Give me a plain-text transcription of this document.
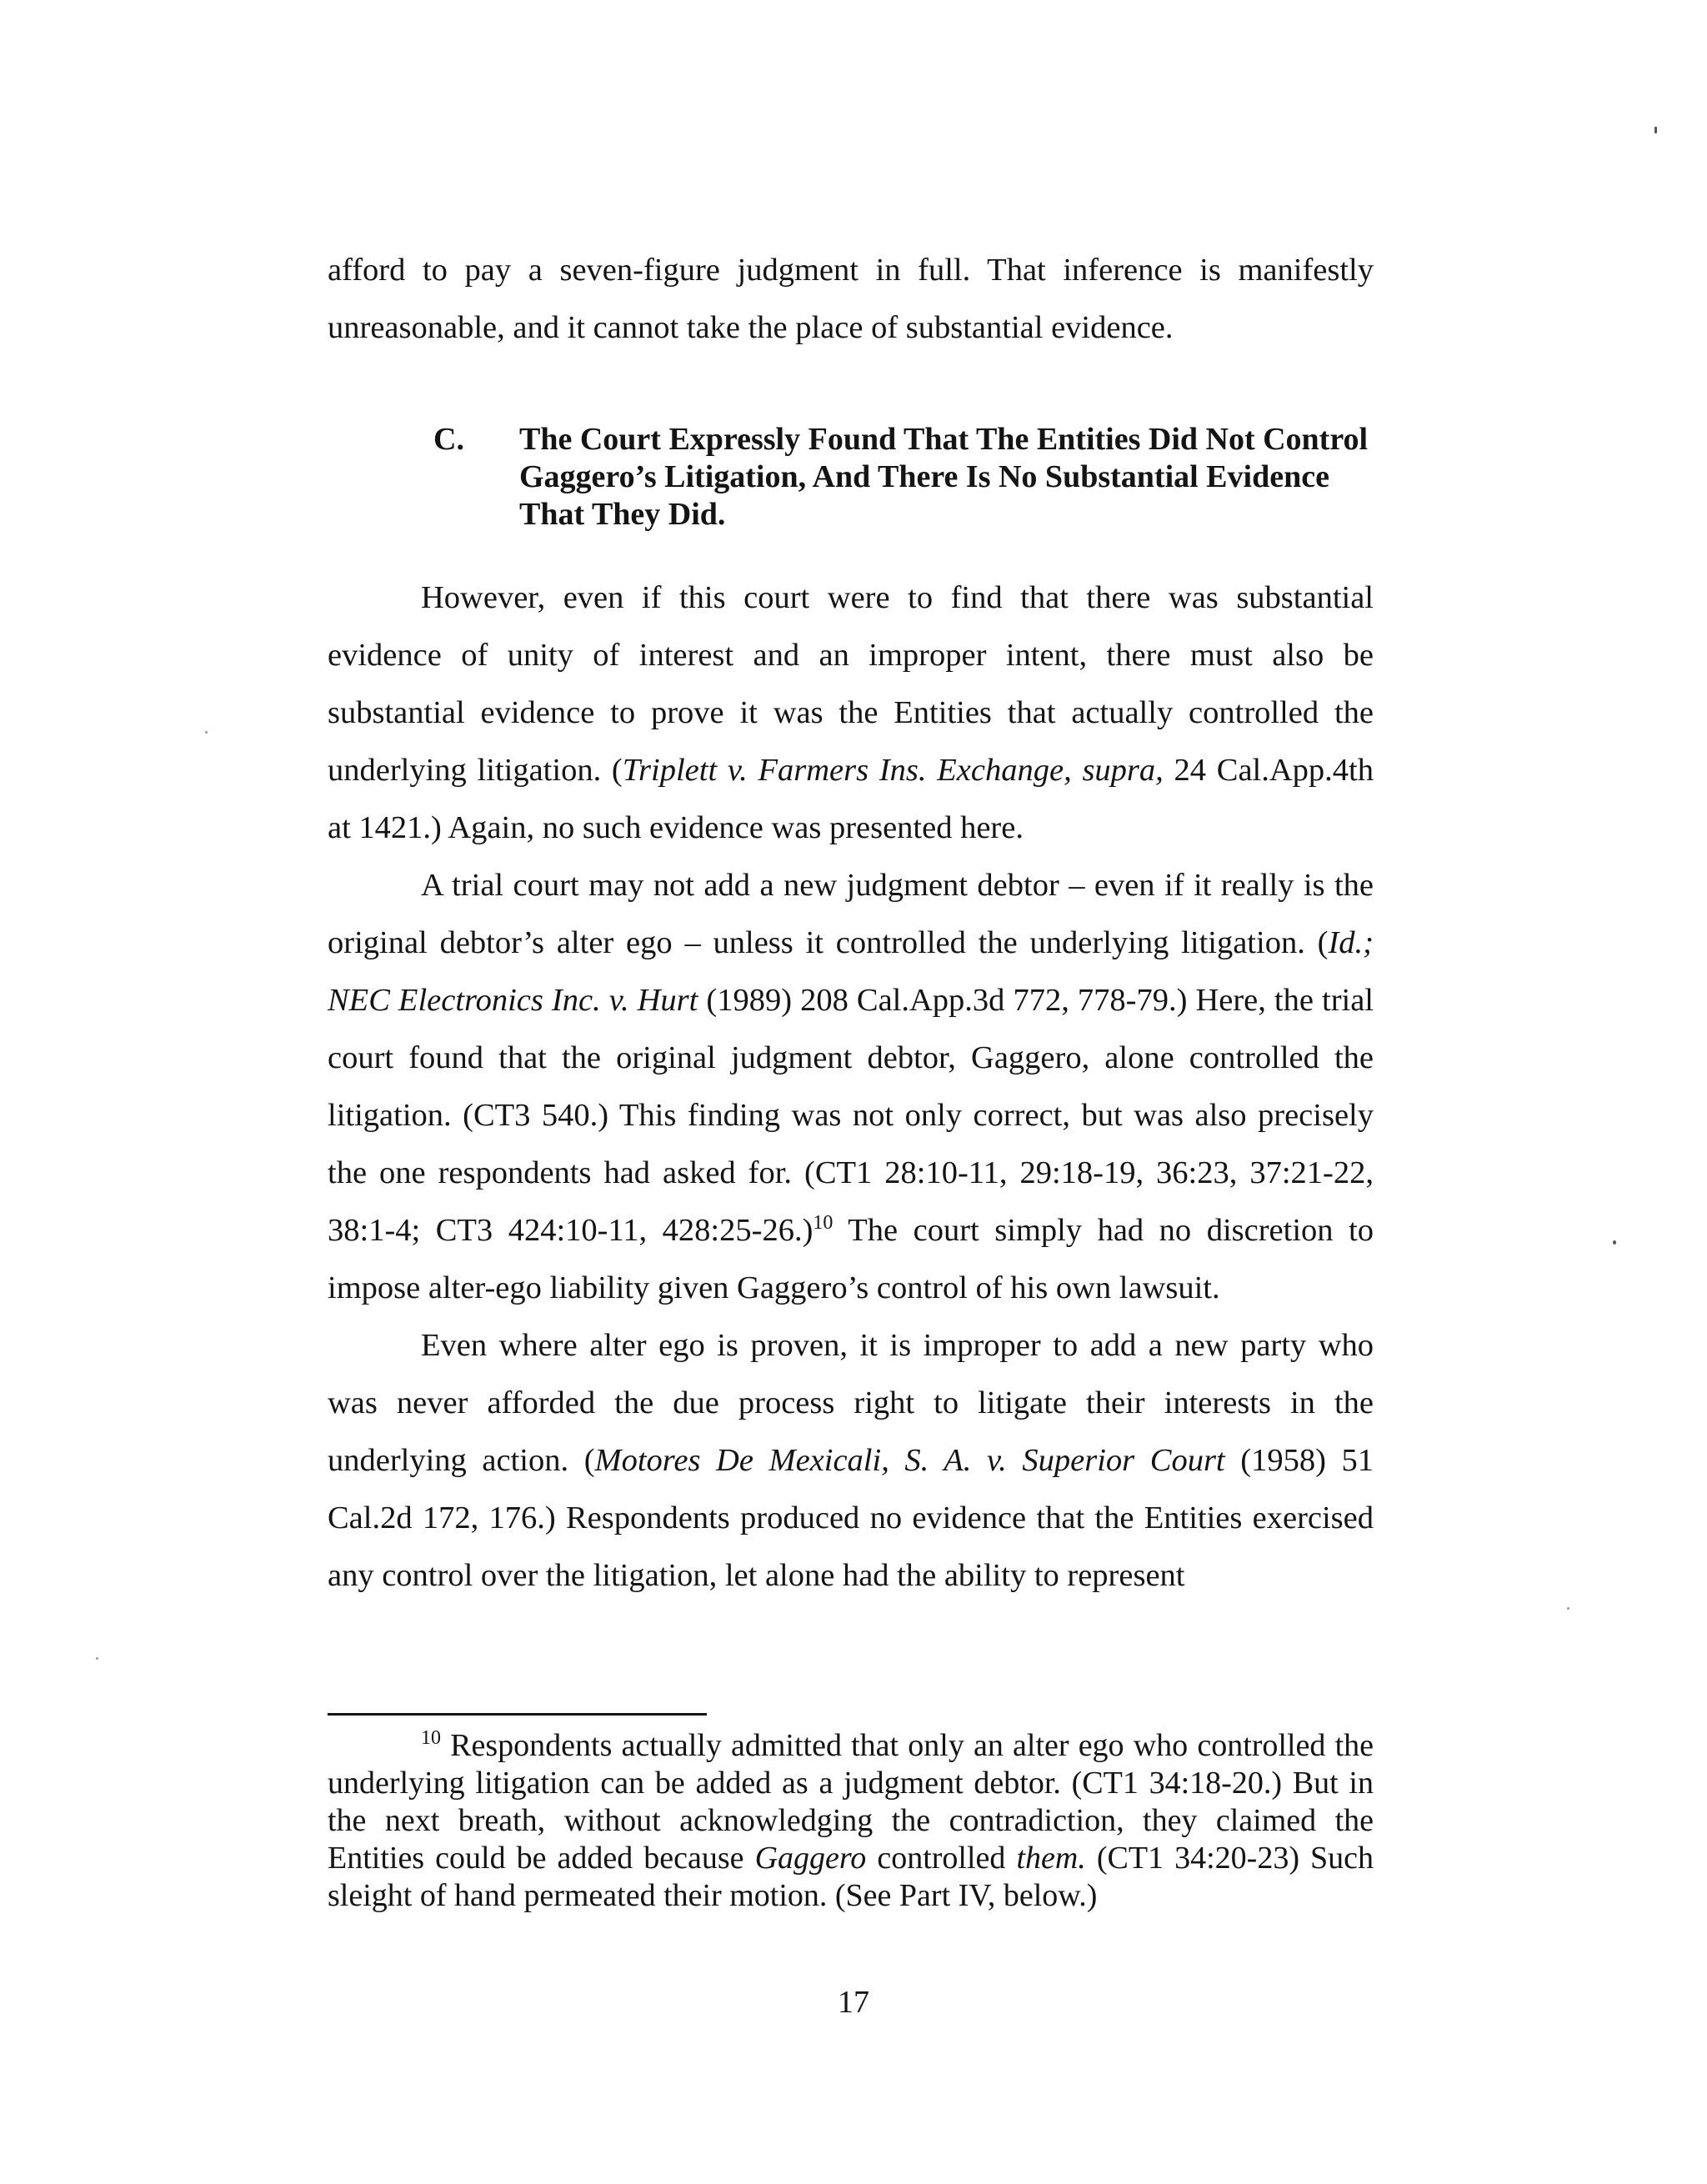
afford to pay a seven-figure judgment in full. That inference is manifestly unreasonable, and it cannot take the place of substantial evidence.

C. The Court Expressly Found That The Entities Did Not Control Gaggero’s Litigation, And There Is No Substantial Evidence That They Did.

However, even if this court were to find that there was substantial evidence of unity of interest and an improper intent, there must also be substantial evidence to prove it was the Entities that actually controlled the underlying litigation. (Triplett v. Farmers Ins. Exchange, supra, 24 Cal.App.4th at 1421.) Again, no such evidence was presented here.

A trial court may not add a new judgment debtor – even if it really is the original debtor’s alter ego – unless it controlled the underlying litigation. (Id.; NEC Electronics Inc. v. Hurt (1989) 208 Cal.App.3d 772, 778-79.) Here, the trial court found that the original judgment debtor, Gaggero, alone controlled the litigation. (CT3 540.) This finding was not only correct, but was also precisely the one respondents had asked for. (CT1 28:10-11, 29:18-19, 36:23, 37:21-22, 38:1-4; CT3 424:10-11, 428:25-26.)$^{10}$ The court simply had no discretion to impose alter-ego liability given Gaggero’s control of his own lawsuit.

Even where alter ego is proven, it is improper to add a new party who was never afforded the due process right to litigate their interests in the underlying action. (Motores De Mexicali, S. A. v. Superior Court (1958) 51 Cal.2d 172, 176.) Respondents produced no evidence that the Entities exercised any control over the litigation, let alone had the ability to represent

$^{10}$ Respondents actually admitted that only an alter ego who controlled the underlying litigation can be added as a judgment debtor. (CT1 34:18-20.) But in the next breath, without acknowledging the contradiction, they claimed the Entities could be added because Gaggero controlled them. (CT1 34:20-23) Such sleight of hand permeated their motion. (See Part IV, below.)

17
